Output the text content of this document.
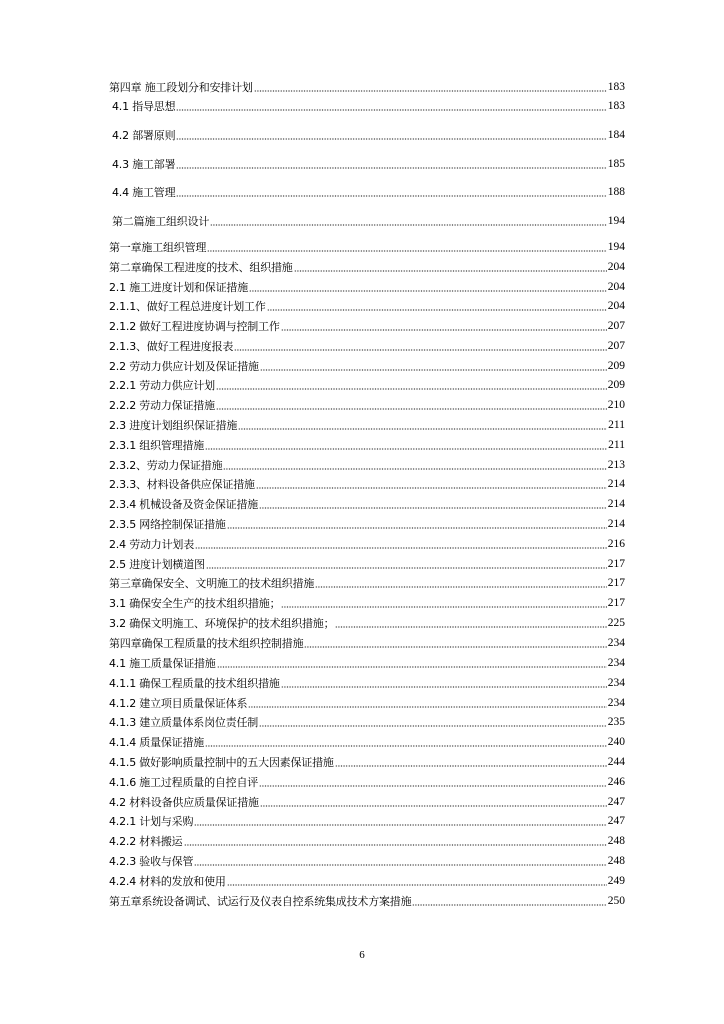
第四章 施工段划分和安排计划	183
4.1 指导思想	183
4.2 部署原则	184
4.3 施工部署	185
4.4 施工管理	188
第二篇施工组织设计	194
第一章施工组织管理	194
第二章确保工程进度的技术、组织措施	204
2.1 施工进度计划和保证措施	204
2.1.1、做好工程总进度计划工作	204
2.1.2 做好工程进度协调与控制工作	207
2.1.3、做好工程进度报表	207
2.2 劳动力供应计划及保证措施	209
2.2.1 劳动力供应计划	209
2.2.2 劳动力保证措施	210
2.3 进度计划组织保证措施	211
2.3.1 组织管理措施	211
2.3.2、劳动力保证措施	213
2.3.3、材料设备供应保证措施	214
2.3.4 机械设备及资金保证措施	214
2.3.5 网络控制保证措施	214
2.4 劳动力计划表	216
2.5 进度计划横道图	217
第三章确保安全、文明施工的技术组织措施	217
3.1 确保安全生产的技术组织措施；	217
3.2 确保文明施工、环境保护的技术组织措施；	225
第四章确保工程质量的技术组织控制措施	234
4.1 施工质量保证措施	234
4.1.1 确保工程质量的技术组织措施	234
4.1.2 建立项目质量保证体系	234
4.1.3 建立质量体系岗位责任制	235
4.1.4 质量保证措施	240
4.1.5 做好影响质量控制中的五大因素保证措施	244
4.1.6 施工过程质量的自控自评	246
4.2 材料设备供应质量保证措施	247
4.2.1 计划与采购	247
4.2.2 材料搬运	248
4.2.3 验收与保管	248
4.2.4 材料的发放和使用	249
第五章系统设备调试、试运行及仪表自控系统集成技术方案措施	250
6
